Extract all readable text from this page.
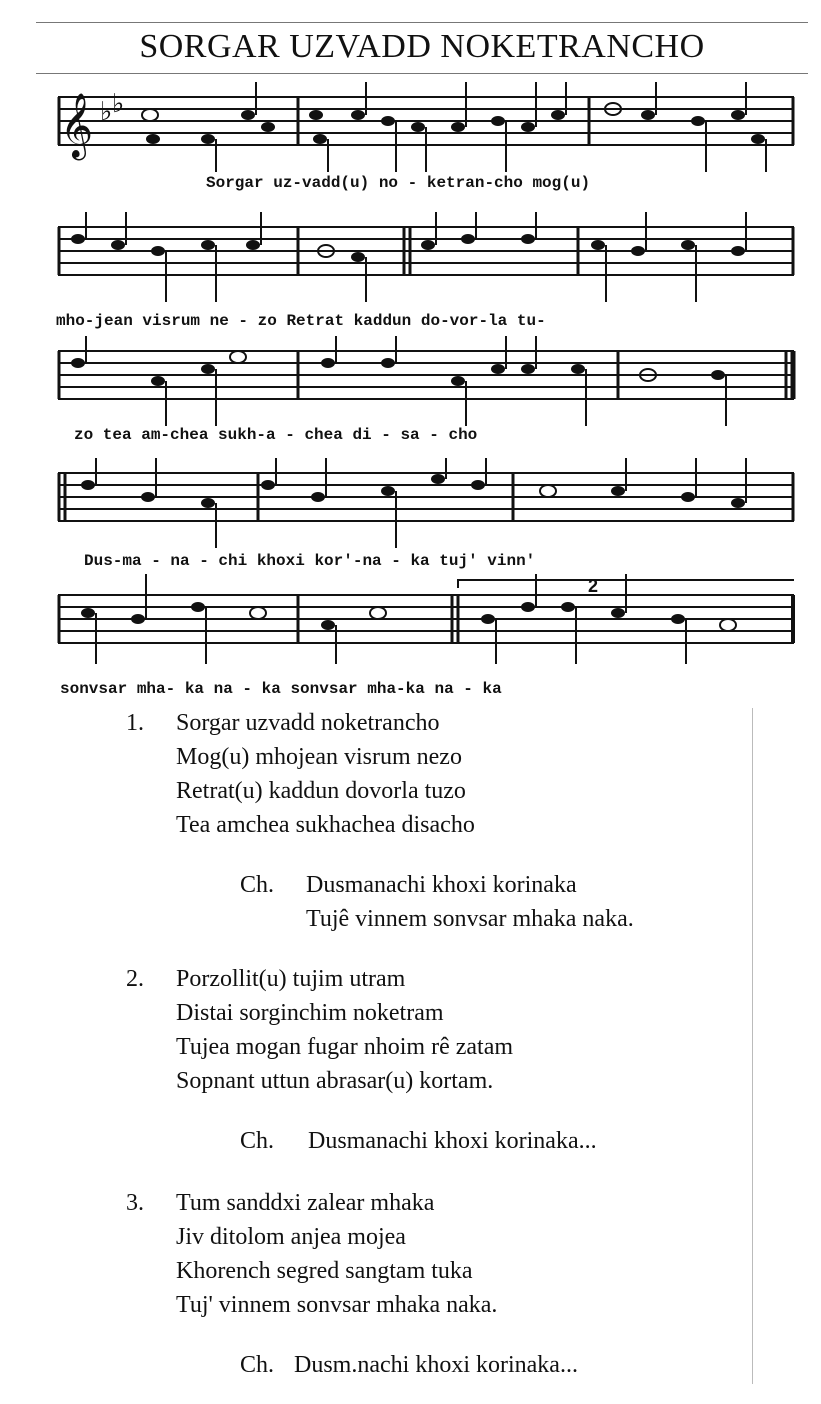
SORGAR UZVADD NOKETRANCHO
𝄞 ♭ ♭
Sorgar uz-vadd(u) no - ketran-cho mog(u)
mho-jean visrum ne - zo Retrat kaddun do-vor-la tu-
zo tea am-chea sukh-a - chea di - sa - cho
Dus-ma - na - chi khoxi kor'-na - ka tuj' vinn'
2
sonvsar mha- ka na - ka sonvsar mha-ka na - ka
1. Sorgar uzvadd noketrancho
Mog(u) mhojean visrum nezo
Retrat(u) kaddun dovorla tuzo
Tea amchea sukhachea disacho
Ch. Dusmanachi khoxi korinaka
Tujê vinnem sonvsar mhaka naka.
2. Porzollit(u) tujim utram
Distai sorginchim noketram
Tujea mogan fugar nhoim rê zatam
Sopnant uttun abrasar(u) kortam.
Ch. Dusmanachi khoxi korinaka...
3. Tum sanddxi zalear mhaka
Jiv ditolom anjea mojea
Khorench segred sangtam tuka
Tuj' vinnem sonvsar mhaka naka.
Ch. Dusm.nachi khoxi korinaka...
